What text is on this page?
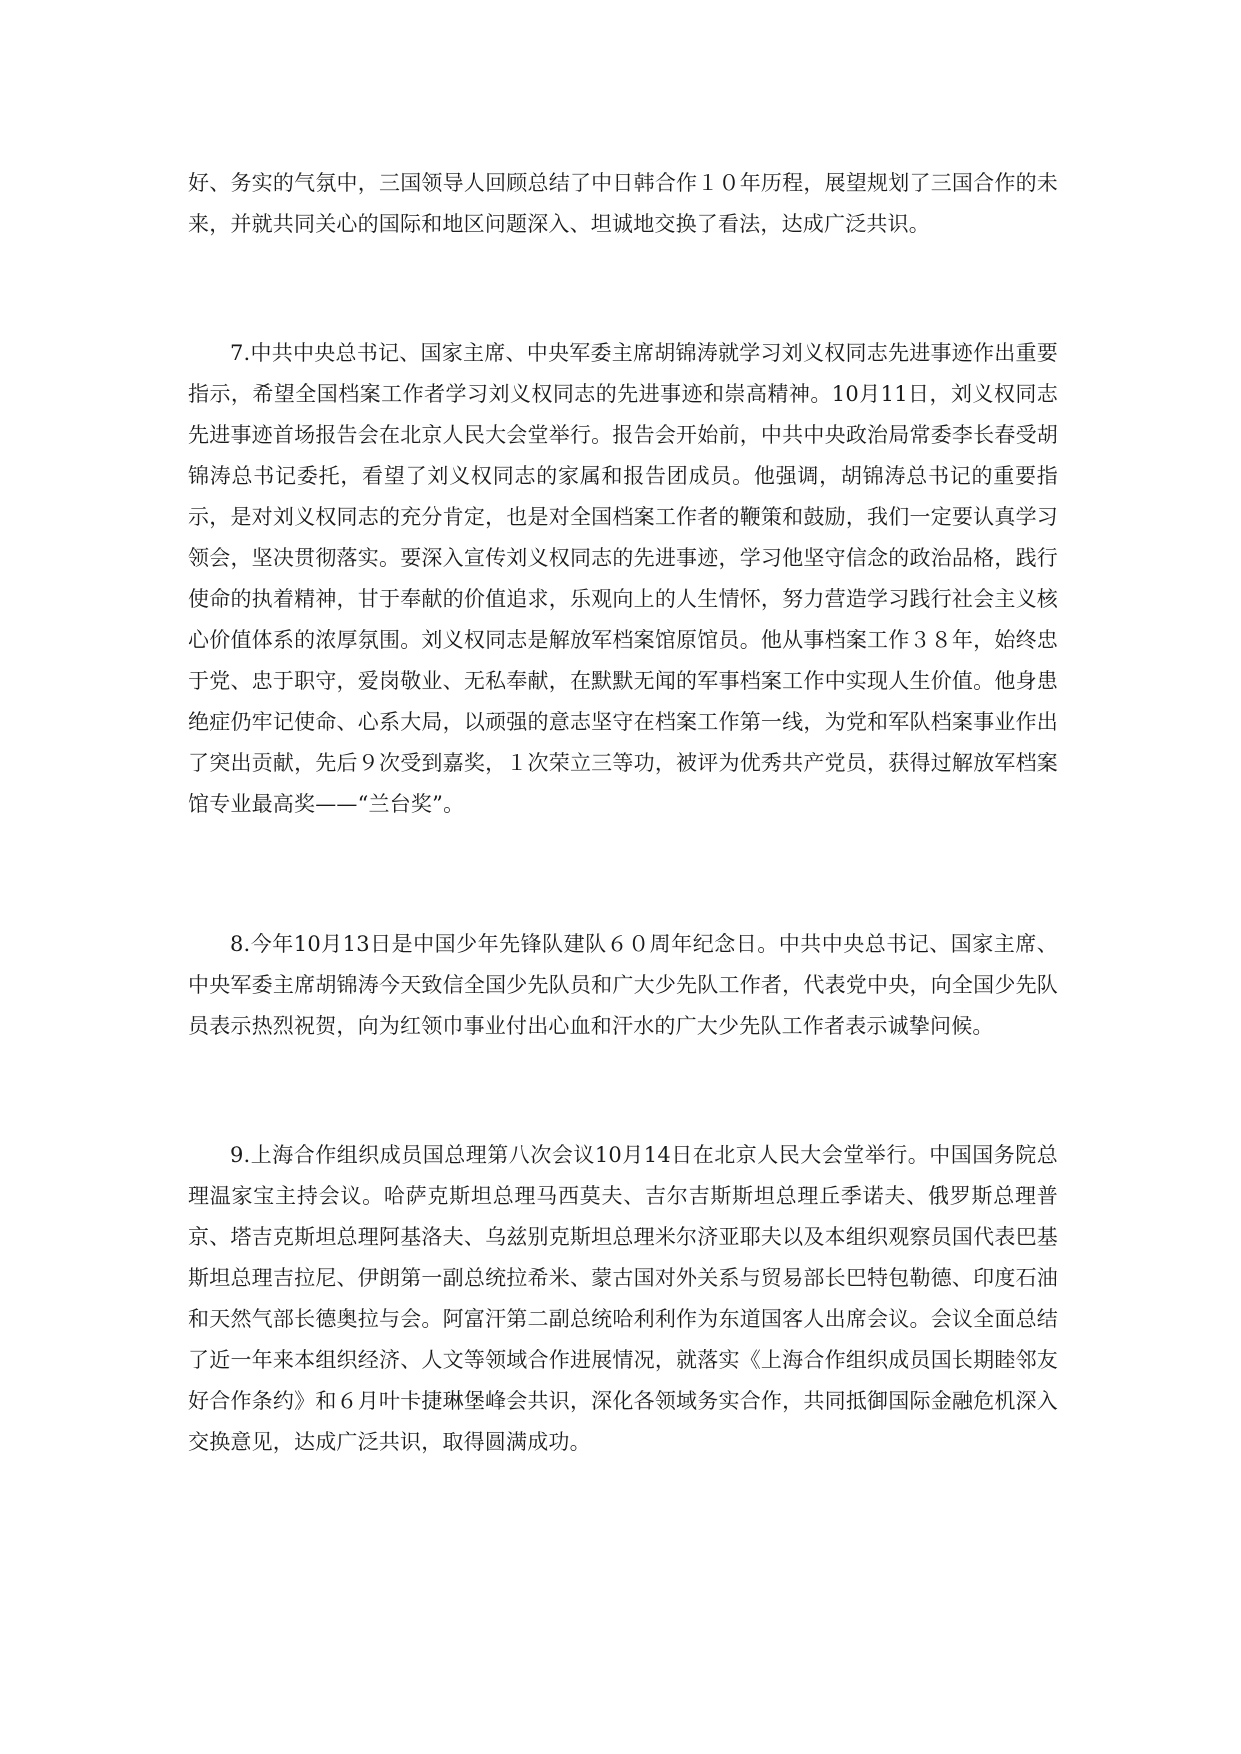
好、务实的气氛中，三国领导人回顾总结了中日韩合作１０年历程，展望规划了三国合作的未来，并就共同关心的国际和地区问题深入、坦诚地交换了看法，达成广泛共识。

7.中共中央总书记、国家主席、中央军委主席胡锦涛就学习刘义权同志先进事迹作出重要指示，希望全国档案工作者学习刘义权同志的先进事迹和崇高精神。10月11日，刘义权同志先进事迹首场报告会在北京人民大会堂举行。报告会开始前，中共中央政治局常委李长春受胡锦涛总书记委托，看望了刘义权同志的家属和报告团成员。他强调，胡锦涛总书记的重要指示，是对刘义权同志的充分肯定，也是对全国档案工作者的鞭策和鼓励，我们一定要认真学习领会，坚决贯彻落实。要深入宣传刘义权同志的先进事迹，学习他坚守信念的政治品格，践行使命的执着精神，甘于奉献的价值追求，乐观向上的人生情怀，努力营造学习践行社会主义核心价值体系的浓厚氛围。刘义权同志是解放军档案馆原馆员。他从事档案工作３８年，始终忠于党、忠于职守，爱岗敬业、无私奉献，在默默无闻的军事档案工作中实现人生价值。他身患绝症仍牢记使命、心系大局，以顽强的意志坚守在档案工作第一线，为党和军队档案事业作出了突出贡献，先后９次受到嘉奖，１次荣立三等功，被评为优秀共产党员，获得过解放军档案馆专业最高奖——“兰台奖”。

8.今年10月13日是中国少年先锋队建队６０周年纪念日。中共中央总书记、国家主席、中央军委主席胡锦涛今天致信全国少先队员和广大少先队工作者，代表党中央，向全国少先队员表示热烈祝贺，向为红领巾事业付出心血和汗水的广大少先队工作者表示诚挚问候。

9.上海合作组织成员国总理第八次会议10月14日在北京人民大会堂举行。中国国务院总理温家宝主持会议。哈萨克斯坦总理马西莫夫、吉尔吉斯斯坦总理丘季诺夫、俄罗斯总理普京、塔吉克斯坦总理阿基洛夫、乌兹别克斯坦总理米尔济亚耶夫以及本组织观察员国代表巴基斯坦总理吉拉尼、伊朗第一副总统拉希米、蒙古国对外关系与贸易部长巴特包勒德、印度石油和天然气部长德奥拉与会。阿富汗第二副总统哈利利作为东道国客人出席会议。会议全面总结了近一年来本组织经济、人文等领域合作进展情况，就落实《上海合作组织成员国长期睦邻友好合作条约》和６月叶卡捷琳堡峰会共识，深化各领域务实合作，共同抵御国际金融危机深入交换意见，达成广泛共识，取得圆满成功。
